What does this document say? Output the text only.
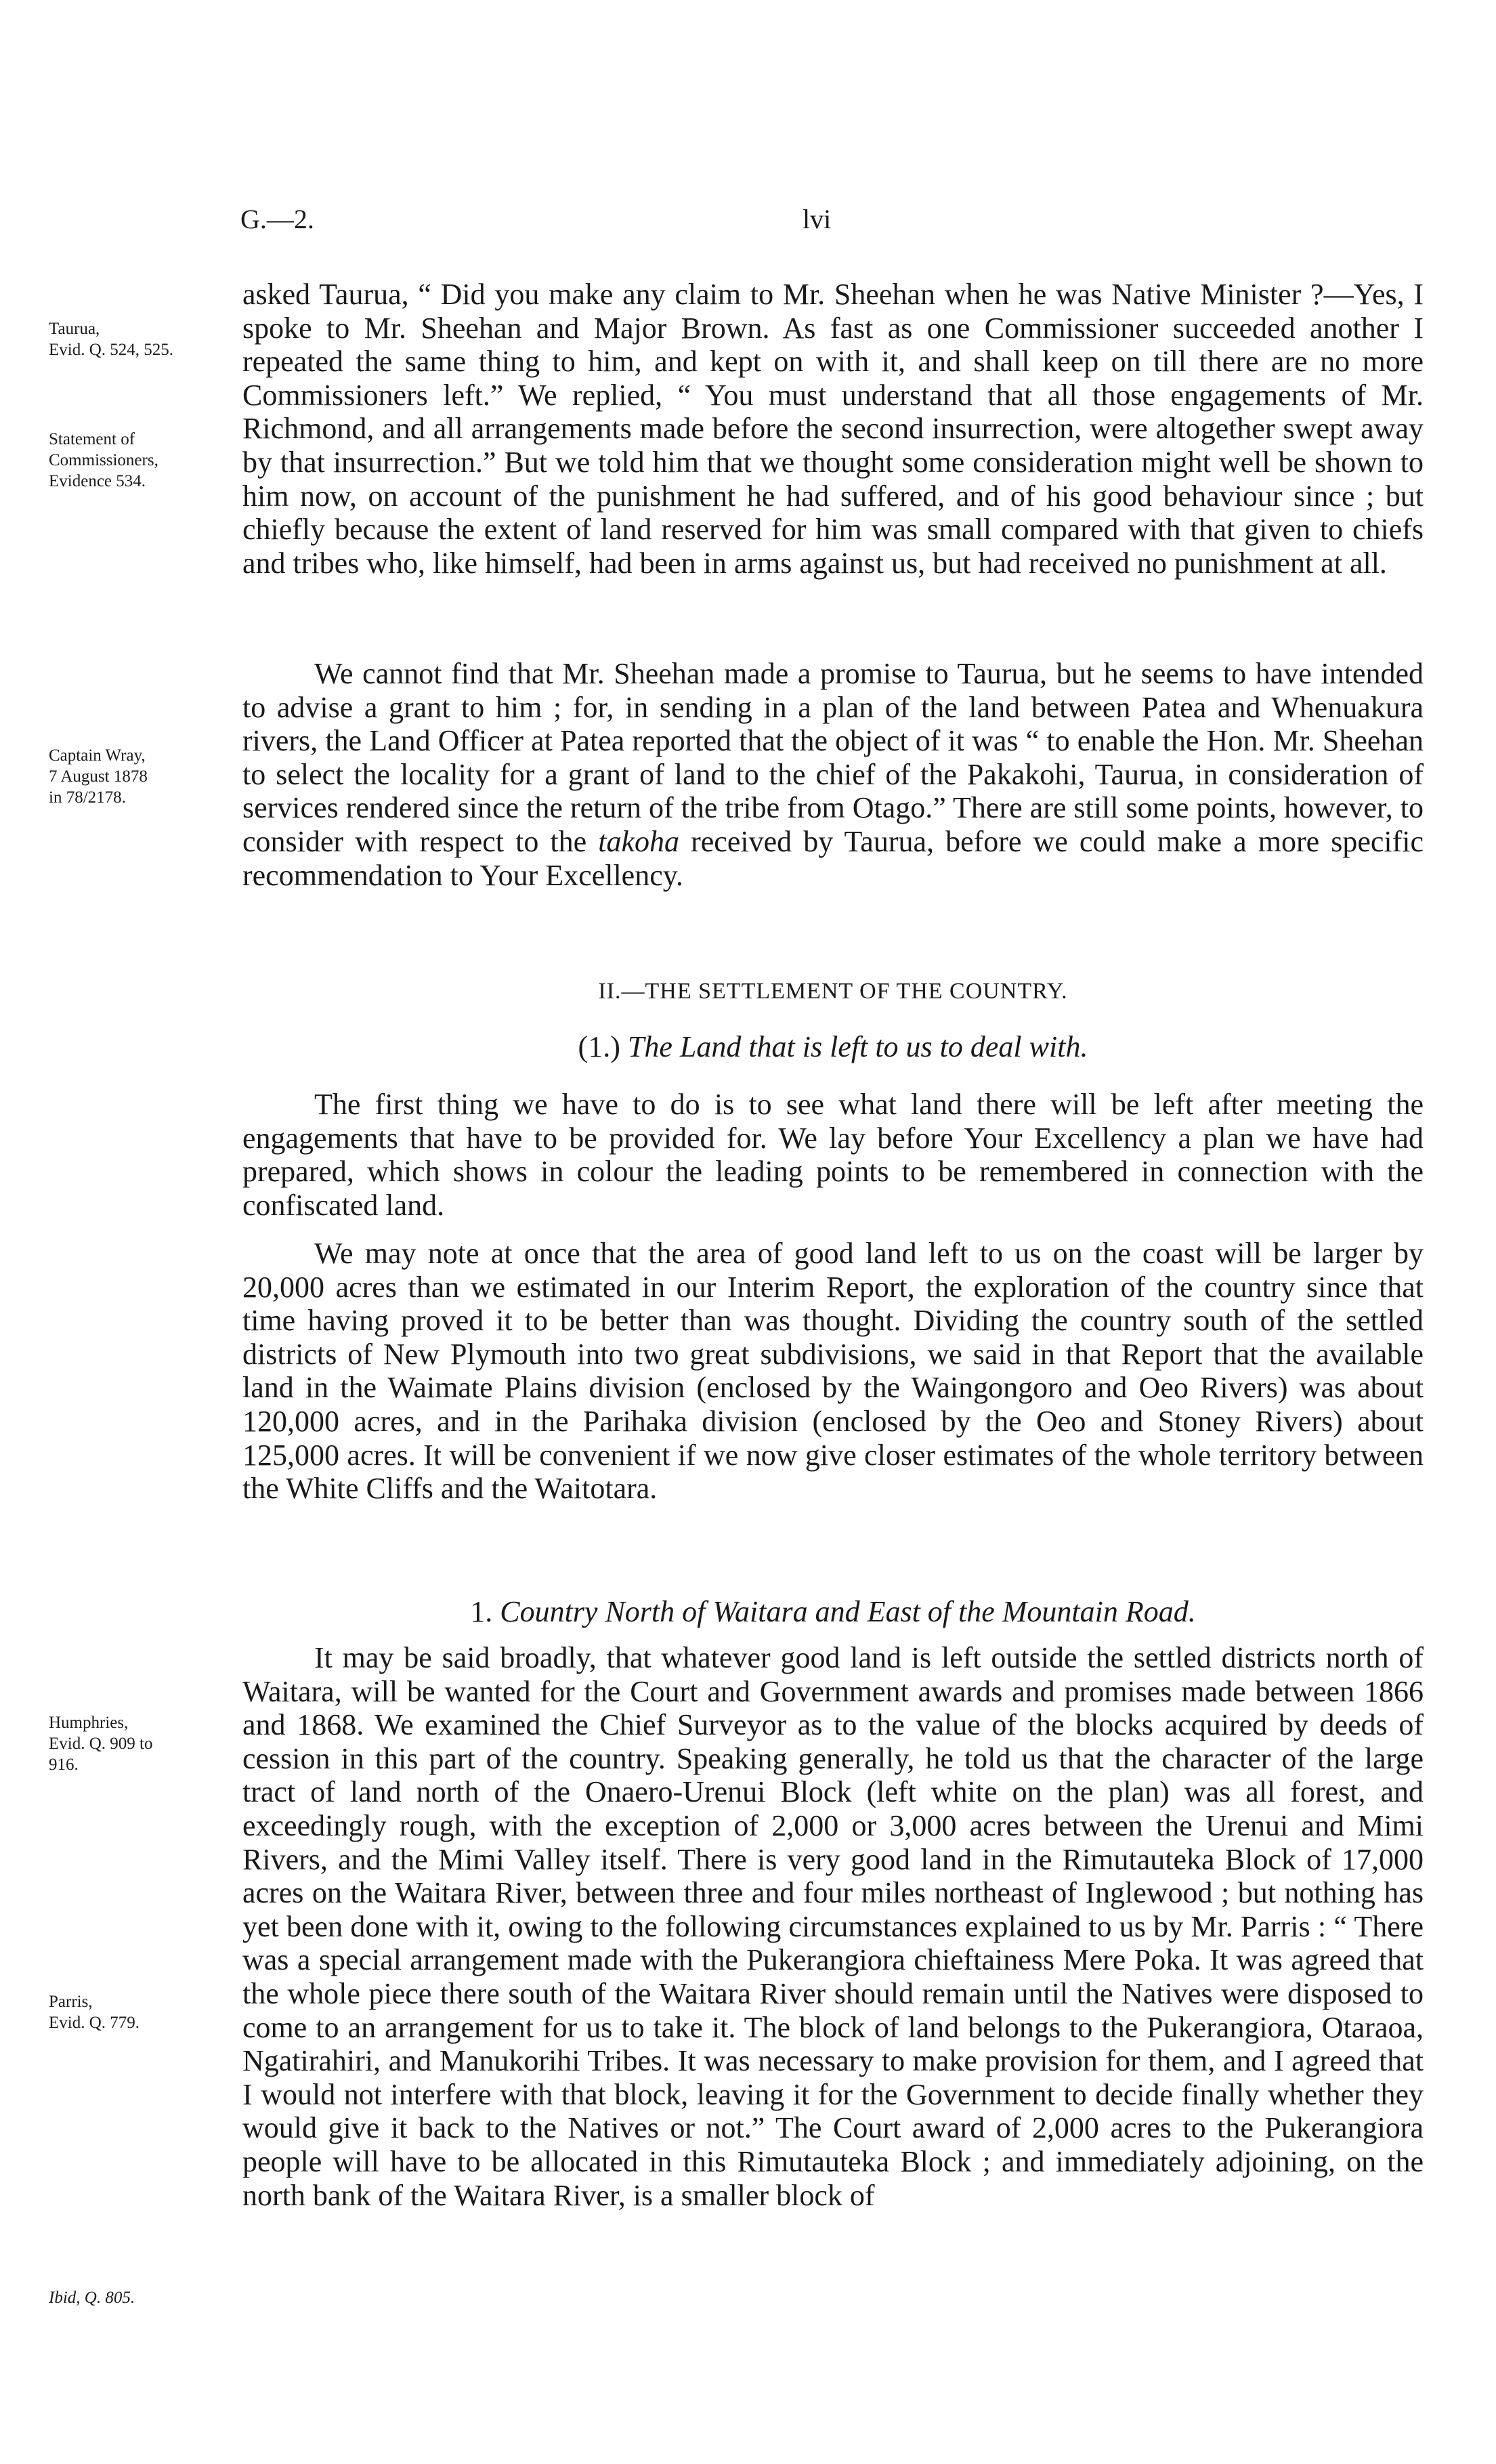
G.—2.	lvi
Taurua,
Evid. Q. 524, 525.
Statement of
Commissioners,
Evidence 534.
Captain Wray,
7 August 1878
in 78/2178.
Humphries,
Evid. Q. 909 to
916.
Parris,
Evid. Q. 779.
Ibid, Q. 805.

asked Taurua, “ Did you make any claim to Mr. Sheehan when he was Native Minister ?—Yes, I spoke to Mr. Sheehan and Major Brown. As fast as one Commissioner succeeded another I repeated the same thing to him, and kept on with it, and shall keep on till there are no more Commissioners left.” We replied, “ You must understand that all those engagements of Mr. Richmond, and all arrangements made before the second insurrection, were altogether swept away by that insurrection.” But we told him that we thought some consideration might well be shown to him now, on account of the punishment he had suffered, and of his good behaviour since ; but chiefly because the extent of land reserved for him was small compared with that given to chiefs and tribes who, like himself, had been in arms against us, but had received no punishment at all.

We cannot find that Mr. Sheehan made a promise to Taurua, but he seems to have intended to advise a grant to him ; for, in sending in a plan of the land between Patea and Whenuakura rivers, the Land Officer at Patea reported that the object of it was “ to enable the Hon. Mr. Sheehan to select the locality for a grant of land to the chief of the Pakakohi, Taurua, in consideration of services rendered since the return of the tribe from Otago.” There are still some points, however, to consider with respect to the takoha received by Taurua, before we could make a more specific recommendation to Your Excellency.

II.—THE SETTLEMENT OF THE COUNTRY.

(1.) The Land that is left to us to deal with.

The first thing we have to do is to see what land there will be left after meeting the engagements that have to be provided for. We lay before Your Excellency a plan we have had prepared, which shows in colour the leading points to be remembered in connection with the confiscated land.

We may note at once that the area of good land left to us on the coast will be larger by 20,000 acres than we estimated in our Interim Report, the exploration of the country since that time having proved it to be better than was thought. Dividing the country south of the settled districts of New Plymouth into two great subdivisions, we said in that Report that the available land in the Waimate Plains division (enclosed by the Waingongoro and Oeo Rivers) was about 120,000 acres, and in the Parihaka division (enclosed by the Oeo and Stoney Rivers) about 125,000 acres. It will be convenient if we now give closer estimates of the whole territory between the White Cliffs and the Waitotara.

1. Country North of Waitara and East of the Mountain Road.

It may be said broadly, that whatever good land is left outside the settled districts north of Waitara, will be wanted for the Court and Government awards and promises made between 1866 and 1868. We examined the Chief Surveyor as to the value of the blocks acquired by deeds of cession in this part of the country. Speaking generally, he told us that the character of the large tract of land north of the Onaero-Urenui Block (left white on the plan) was all forest, and exceedingly rough, with the exception of 2,000 or 3,000 acres between the Urenui and Mimi Rivers, and the Mimi Valley itself. There is very good land in the Rimutauteka Block of 17,000 acres on the Waitara River, between three and four miles northeast of Inglewood ; but nothing has yet been done with it, owing to the following circumstances explained to us by Mr. Parris : “ There was a special arrangement made with the Pukerangiora chieftainess Mere Poka. It was agreed that the whole piece there south of the Waitara River should remain until the Natives were disposed to come to an arrangement for us to take it. The block of land belongs to the Pukerangiora, Otaraoa, Ngatirahiri, and Manukorihi Tribes. It was necessary to make provision for them, and I agreed that I would not interfere with that block, leaving it for the Government to decide finally whether they would give it back to the Natives or not.” The Court award of 2,000 acres to the Pukerangiora people will have to be allocated in this Rimutauteka Block ; and immediately adjoining, on the north bank of the Waitara River, is a smaller block of
